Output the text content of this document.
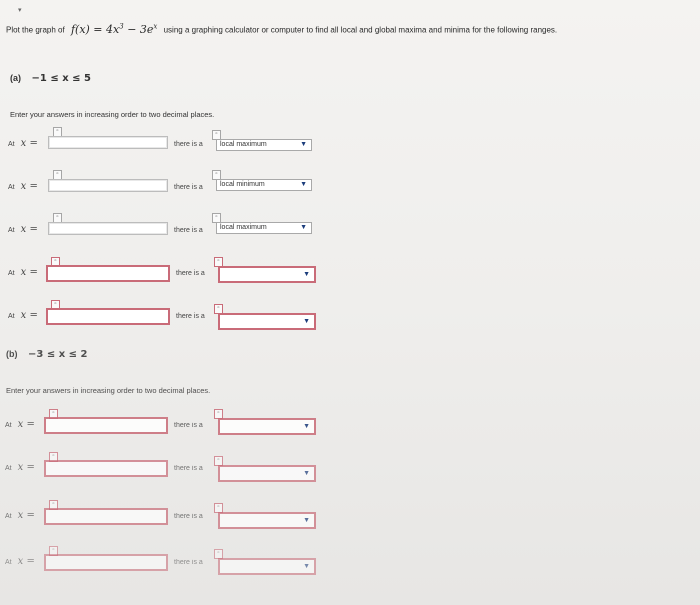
▾
Plot the graph of $f(x) = 4x^3 - 3e^x$ using a graphing calculator or computer to find all local and global maxima and minima for the following ranges.
(a) −1 ≤ x ≤ 5
Enter your answers in increasing order to two decimal places.
At x =
▫
there is a
▫
local maximum	▼
At x =
▫
there is a
▫
local minimum	▼
At x =
▫
there is a
▫
local maximum	▼
At x =
▫
there is a
▫
▼
At x =
▫
there is a
▫
▼
(b) −3 ≤ x ≤ 2
Enter your answers in increasing order to two decimal places.
At x =
▫
there is a
▫
▼
At x =
▫
there is a
▫
▼
At x =
▫
there is a
▫
▼
At x =
▫
there is a
▫
▼
